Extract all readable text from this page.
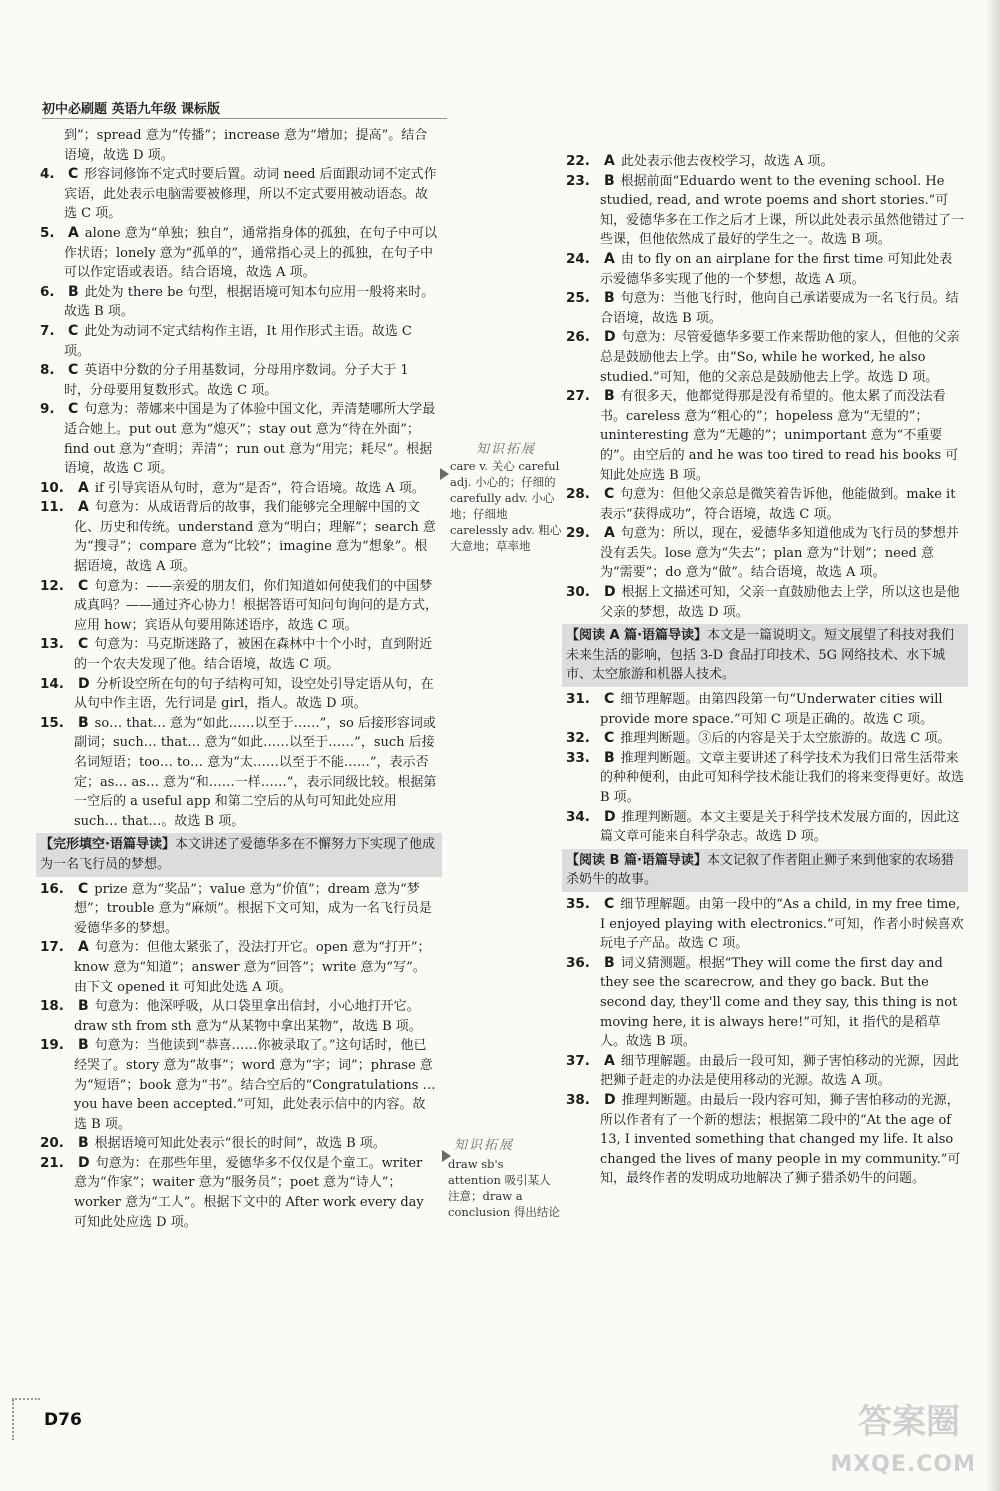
初中必刷题 英语九年级 课标版
到”；spread 意为“传播”；increase 意为“增加；提高”。结合语境，故选 D 项。
4. C 形容词修饰不定式时要后置。动词 need 后面跟动词不定式作宾语，此处表示电脑需要被修理，所以不定式要用被动语态。故选 C 项。
5. A alone 意为“单独；独自”，通常指身体的孤独，在句子中可以作状语；lonely 意为“孤单的”，通常指心灵上的孤独，在句子中可以作定语或表语。结合语境，故选 A 项。
6. B 此处为 there be 句型，根据语境可知本句应用一般将来时。故选 B 项。
7. C 此处为动词不定式结构作主语，It 用作形式主语。故选 C 项。
8. C 英语中分数的分子用基数词，分母用序数词。分子大于 1 时，分母要用复数形式。故选 C 项。
9. C 句意为：蒂娜来中国是为了体验中国文化，弄清楚哪所大学最适合她上。put out 意为“熄灭”；stay out 意为“待在外面”；find out 意为“查明；弄清”；run out 意为“用完；耗尽”。根据语境，故选 C 项。
10. A if 引导宾语从句时，意为“是否”，符合语境。故选 A 项。
11. A 句意为：从成语背后的故事，我们能够完全理解中国的文化、历史和传统。understand 意为“明白；理解”；search 意为“搜寻”；compare 意为“比较”；imagine 意为“想象”。根据语境，故选 A 项。
12. C 句意为：——亲爱的朋友们，你们知道如何使我们的中国梦成真吗？——通过齐心协力！根据答语可知问句询问的是方式，应用 how；宾语从句要用陈述语序，故选 C 项。
13. C 句意为：马克斯迷路了，被困在森林中十个小时，直到附近的一个农夫发现了他。结合语境，故选 C 项。
14. D 分析设空所在句的句子结构可知，设空处引导定语从句，在从句中作主语，先行词是 girl，指人。故选 D 项。
15. B so… that… 意为“如此……以至于……”，so 后接形容词或副词；such… that… 意为“如此……以至于……”，such 后接名词短语；too… to… 意为“太……以至于不能……”，表示否定；as… as… 意为“和……一样……”，表示同级比较。根据第一空后的 a useful app 和第二空后的从句可知此处应用 such… that…。故选 B 项。
【完形填空·语篇导读】本文讲述了爱德华多在不懈努力下实现了他成为一名飞行员的梦想。
16. C prize 意为“奖品”；value 意为“价值”；dream 意为“梦想”；trouble 意为“麻烦”。根据下文可知，成为一名飞行员是爱德华多的梦想。
17. A 句意为：但他太紧张了，没法打开它。open 意为“打开”；know 意为“知道”；answer 意为“回答”；write 意为“写”。由下文 opened it 可知此处选 A 项。
18. B 句意为：他深呼吸，从口袋里拿出信封，小心地打开它。draw sth from sth 意为“从某物中拿出某物”，故选 B 项。
19. B 句意为：当他读到“恭喜……你被录取了。”这句话时，他已经哭了。story 意为“故事”；word 意为“字；词”；phrase 意为“短语”；book 意为“书”。结合空后的“Congratulations … you have been accepted.”可知，此处表示信中的内容。故选 B 项。
20. B 根据语境可知此处表示“很长的时间”，故选 B 项。
21. D 句意为：在那些年里，爱德华多不仅仅是个童工。writer 意为“作家”；waiter 意为“服务员”；poet 意为“诗人”；worker 意为“工人”。根据下文中的 After work every day 可知此处应选 D 项。
22. A 此处表示他去夜校学习，故选 A 项。
23. B 根据前面“Eduardo went to the evening school. He studied, read, and wrote poems and short stories.”可知，爱德华多在工作之后才上课，所以此处表示虽然他错过了一些课，但他依然成了最好的学生之一。故选 B 项。
24. A 由 to fly on an airplane for the first time 可知此处表示爱德华多实现了他的一个梦想，故选 A 项。
25. B 句意为：当他飞行时，他向自己承诺要成为一名飞行员。结合语境，故选 B 项。
26. D 句意为：尽管爱德华多要工作来帮助他的家人，但他的父亲总是鼓励他去上学。由“So, while he worked, he also studied.”可知，他的父亲总是鼓励他去上学。故选 D 项。
27. B 有很多天，他都觉得那是没有希望的。他太累了而没法看书。careless 意为“粗心的”；hopeless 意为“无望的”；uninteresting 意为“无趣的”；unimportant 意为“不重要的”。由空后的 and he was too tired to read his books 可知此处应选 B 项。
28. C 句意为：但他父亲总是微笑着告诉他，他能做到。make it 表示“获得成功”，符合语境，故选 C 项。
29. A 句意为：所以，现在，爱德华多知道他成为飞行员的梦想并没有丢失。lose 意为“失去”；plan 意为“计划”；need 意为“需要”；do 意为“做”。结合语境，故选 A 项。
30. D 根据上文描述可知，父亲一直鼓励他去上学，所以这也是他父亲的梦想，故选 D 项。
【阅读 A 篇·语篇导读】本文是一篇说明文。短文展望了科技对我们未来生活的影响，包括 3-D 食品打印技术、5G 网络技术、水下城市、太空旅游和机器人技术。
31. C 细节理解题。由第四段第一句“Underwater cities will provide more space.”可知 C 项是正确的。故选 C 项。
32. C 推理判断题。③后的内容是关于太空旅游的。故选 C 项。
33. B 推理判断题。文章主要讲述了科学技术为我们日常生活带来的种种便利，由此可知科学技术能让我们的将来变得更好。故选 B 项。
34. D 推理判断题。本文主要是关于科学技术发展方面的，因此这篇文章可能来自科学杂志。故选 D 项。
【阅读 B 篇·语篇导读】本文记叙了作者阻止狮子来到他家的农场猎杀奶牛的故事。
35. C 细节理解题。由第一段中的“As a child, in my free time, I enjoyed playing with electronics.”可知，作者小时候喜欢玩电子产品。故选 C 项。
36. B 词义猜测题。根据“They will come the first day and they see the scarecrow, and they go back. But the second day, they'll come and they say, this thing is not moving here, it is always here!”可知，it 指代的是稻草人。故选 B 项。
37. A 细节理解题。由最后一段可知，狮子害怕移动的光源，因此把狮子赶走的办法是使用移动的光源。故选 A 项。
38. D 推理判断题。由最后一段内容可知，狮子害怕移动的光源，所以作者有了一个新的想法；根据第二段中的“At the age of 13, I invented something that changed my life. It also changed the lives of many people in my community.”可知，最终作者的发明成功地解决了狮子猎杀奶牛的问题。
知识拓展
care v. 关心 careful adj. 小心的；仔细的 carefully adv. 小心地；仔细地 carelessly adv. 粗心大意地；草率地
知识拓展
draw sb's attention 吸引某人注意；draw a conclusion 得出结论
D76	答案圈
MXQE.COM
